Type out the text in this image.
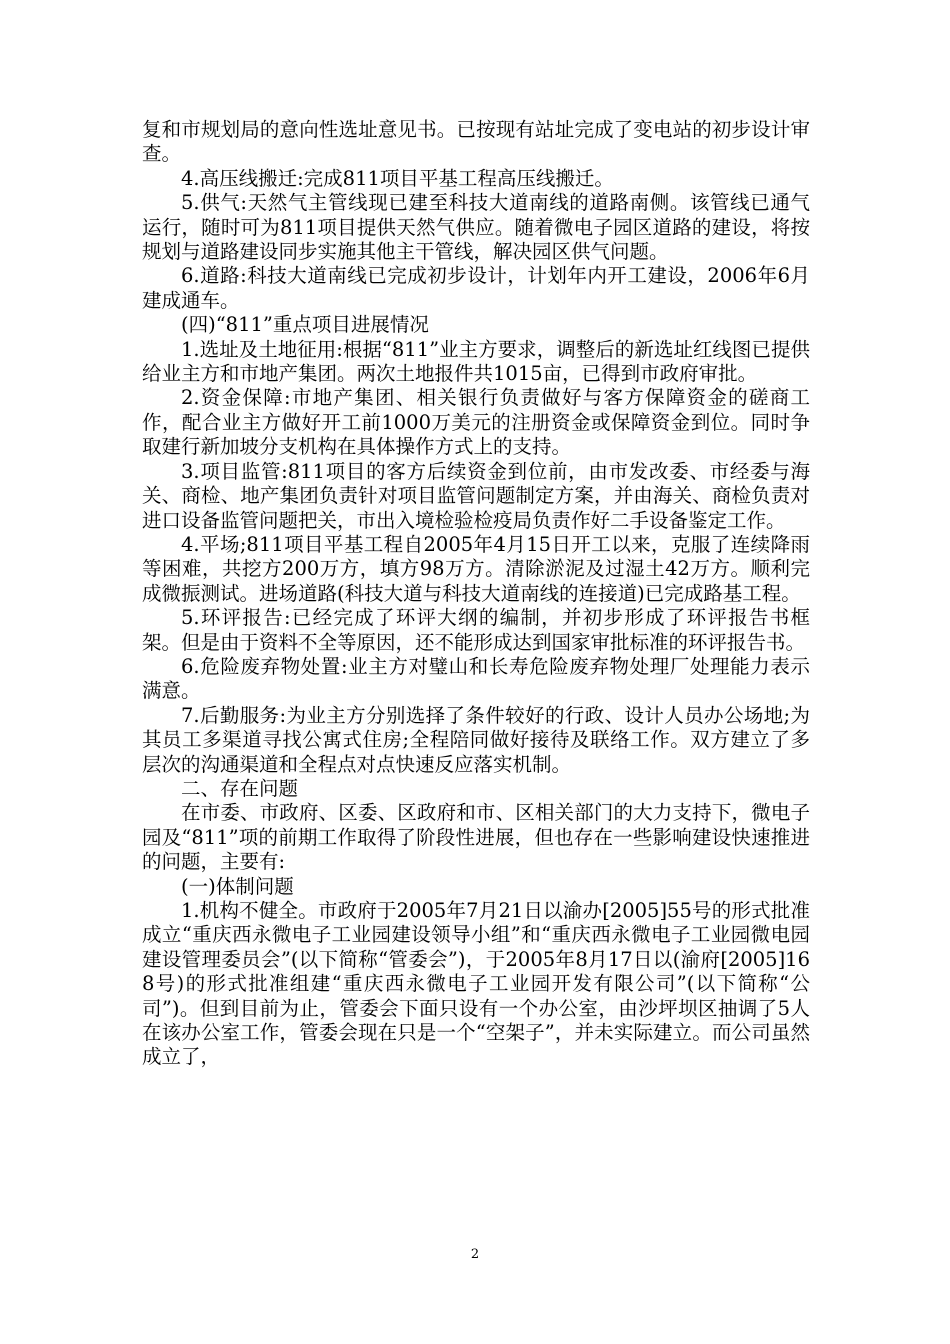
复和市规划局的意向性选址意见书。已按现有站址完成了变电站的初步设计审查。

4.高压线搬迁:完成811项目平基工程高压线搬迁。

5.供气:天然气主管线现已建至科技大道南线的道路南侧。该管线已通气运行，随时可为811项目提供天然气供应。随着微电子园区道路的建设，将按规划与道路建设同步实施其他主干管线，解决园区供气问题。

6.道路:科技大道南线已完成初步设计，计划年内开工建设，2006年6月建成通车。

(四)“811”重点项目进展情况

1.选址及土地征用:根据“811”业主方要求，调整后的新选址红线图已提供给业主方和市地产集团。两次土地报件共1015亩，已得到市政府审批。

2.资金保障:市地产集团、相关银行负责做好与客方保障资金的磋商工作，配合业主方做好开工前1000万美元的注册资金或保障资金到位。同时争取建行新加坡分支机构在具体操作方式上的支持。

3.项目监管:811项目的客方后续资金到位前，由市发改委、市经委与海关、商检、地产集团负责针对项目监管问题制定方案，并由海关、商检负责对进口设备监管问题把关，市出入境检验检疫局负责作好二手设备鉴定工作。

4.平场;811项目平基工程自2005年4月15日开工以来，克服了连续降雨等困难，共挖方200万方，填方98万方。清除淤泥及过湿土42万方。顺利完成微振测试。进场道路(科技大道与科技大道南线的连接道)已完成路基工程。

5.环评报告:已经完成了环评大纲的编制，并初步形成了环评报告书框架。但是由于资料不全等原因，还不能形成达到国家审批标准的环评报告书。

6.危险废弃物处置:业主方对璧山和长寿危险废弃物处理厂处理能力表示满意。

7.后勤服务:为业主方分别选择了条件较好的行政、设计人员办公场地;为其员工多渠道寻找公寓式住房;全程陪同做好接待及联络工作。双方建立了多层次的沟通渠道和全程点对点快速反应落实机制。

二、存在问题

在市委、市政府、区委、区政府和市、区相关部门的大力支持下，微电子园及“811”项的前期工作取得了阶段性进展，但也存在一些影响建设快速推进的问题，主要有:

(一)体制问题

1.机构不健全。市政府于2005年7月21日以渝办[2005]55号的形式批准成立“重庆西永微电子工业园建设领导小组”和“重庆西永微电子工业园微电园建设管理委员会”(以下简称“管委会”)，于2005年8月17日以(渝府[2005]168号)的形式批准组建“重庆西永微电子工业园开发有限公司”(以下简称“公司”)。但到目前为止，管委会下面只设有一个办公室，由沙坪坝区抽调了5人在该办公室工作，管委会现在只是一个“空架子”，并未实际建立。而公司虽然成立了，

2
